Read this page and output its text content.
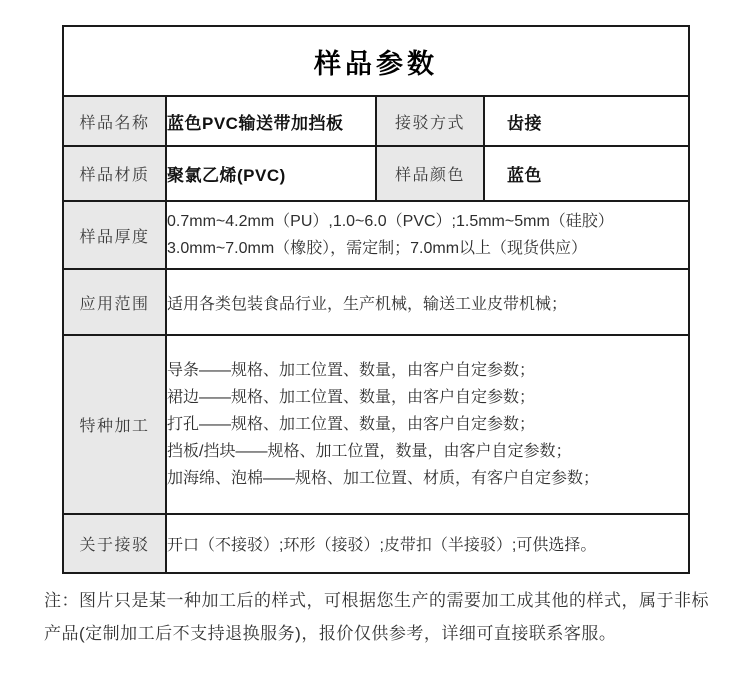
样品参数			
样品名称	蓝色PVC输送带加挡板	接驳方式	齿接
样品材质	聚氯乙烯(PVC)	样品颜色	蓝色
样品厚度	0.7mm~4.2mm（PU）,1.0~6.0（PVC）;1.5mm~5mm（硅胶）
3.0mm~7.0mm（橡胶），需定制；7.0mm以上（现货供应）		

应用范围	适用各类包装食品行业，生产机械，输送工业皮带机械；		
特种加工	导条——规格、加工位置、数量，由客户自定参数；
裙边——规格、加工位置、数量，由客户自定参数；
打孔——规格、加工位置、数量，由客户自定参数；
挡板/挡块——规格、加工位置，数量，由客户自定参数；
加海绵、泡棉——规格、加工位置、材质，有客户自定参数；		

关于接驳	开口（不接驳）;环形（接驳）;皮带扣（半接驳）;可供选择。		
注：图片只是某一种加工后的样式，可根据您生产的需要加工成其他的样式，属于非标
产品(定制加工后不支持退换服务)，报价仅供参考，详细可直接联系客服。
